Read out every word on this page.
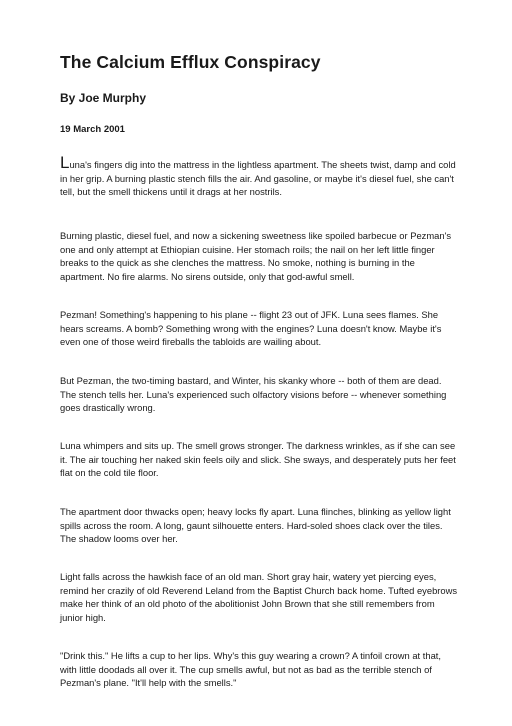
The Calcium Efflux Conspiracy

By Joe Murphy

19 March 2001

Luna's fingers dig into the mattress in the lightless apartment. The sheets twist, damp and cold in her grip. A burning plastic stench fills the air. And gasoline, or maybe it's diesel fuel, she can't tell, but the smell thickens until it drags at her nostrils.

Burning plastic, diesel fuel, and now a sickening sweetness like spoiled barbecue or Pezman's one and only attempt at Ethiopian cuisine. Her stomach roils; the nail on her left little finger breaks to the quick as she clenches the mattress. No smoke, nothing is burning in the apartment. No fire alarms. No sirens outside, only that god-awful smell.

Pezman! Something's happening to his plane -- flight 23 out of JFK. Luna sees flames. She hears screams. A bomb? Something wrong with the engines? Luna doesn't know. Maybe it's even one of those weird fireballs the tabloids are wailing about.

But Pezman, the two-timing bastard, and Winter, his skanky whore -- both of them are dead. The stench tells her. Luna's experienced such olfactory visions before -- whenever something goes drastically wrong.

Luna whimpers and sits up. The smell grows stronger. The darkness wrinkles, as if she can see it. The air touching her naked skin feels oily and slick. She sways, and desperately puts her feet flat on the cold tile floor.

The apartment door thwacks open; heavy locks fly apart. Luna flinches, blinking as yellow light spills across the room. A long, gaunt silhouette enters. Hard-soled shoes clack over the tiles. The shadow looms over her.

Light falls across the hawkish face of an old man. Short gray hair, watery yet piercing eyes, remind her crazily of old Reverend Leland from the Baptist Church back home. Tufted eyebrows make her think of an old photo of the abolitionist John Brown that she still remembers from junior high.

"Drink this." He lifts a cup to her lips. Why's this guy wearing a crown? A tinfoil crown at that, with little doodads all over it. The cup smells awful, but not as bad as the terrible stench of Pezman's plane. "It'll help with the smells."
